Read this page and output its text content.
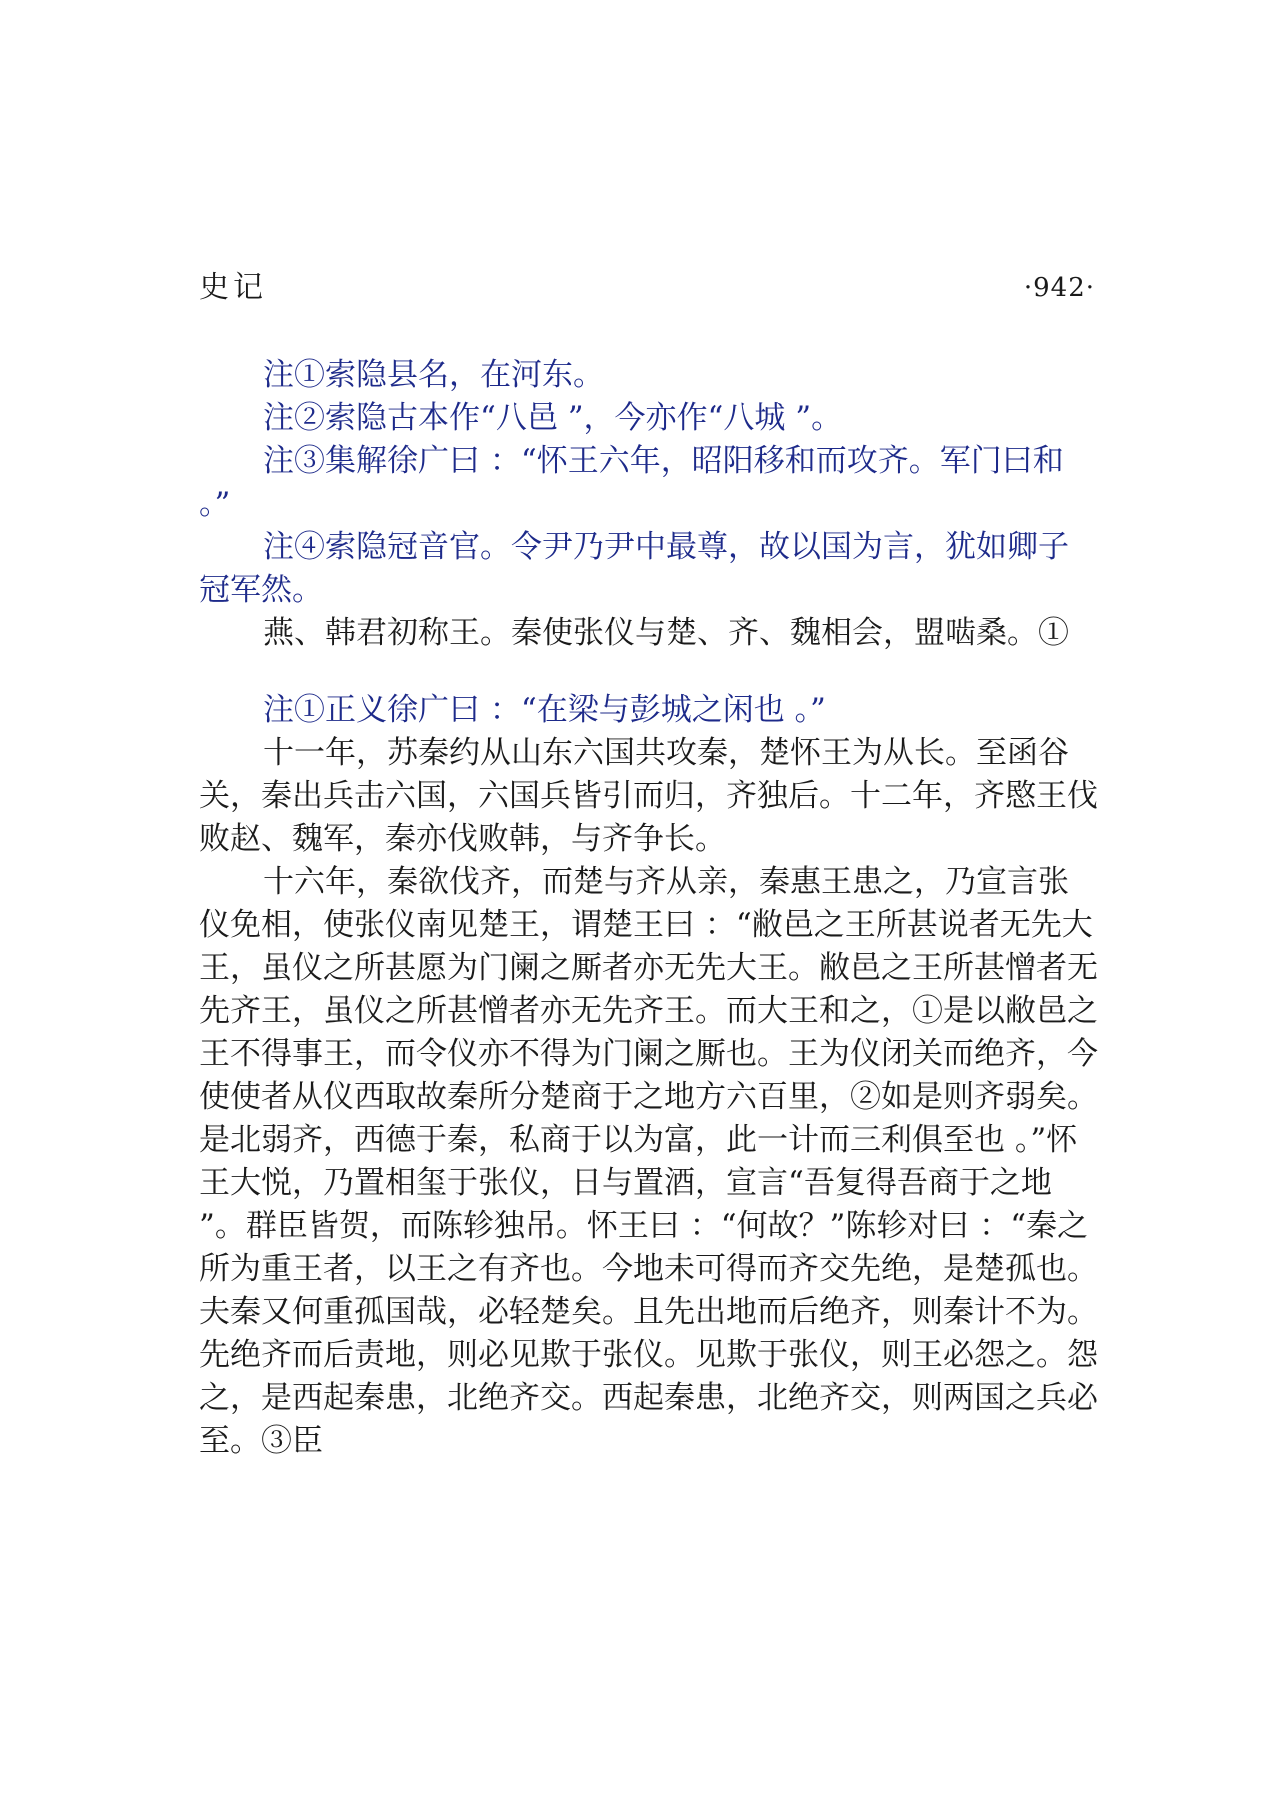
史记	·942·

注①索隐县名，在河东。

注②索隐古本作“八邑 ”，今亦作“八城 ”。

注③集解徐广曰 ：“怀王六年，昭阳移和而攻齐。军门曰和 。”

注④索隐冠音官。令尹乃尹中最尊，故以国为言，犹如卿子冠军然。

燕、韩君初称王。秦使张仪与楚、齐、魏相会，盟啮桑。①

注①正义徐广曰 ：“在梁与彭城之闲也 。”

十一年，苏秦约从山东六国共攻秦，楚怀王为从长。至函谷关，秦出兵击六国，六国兵皆引而归，齐独后。十二年，齐愍王伐败赵、魏军，秦亦伐败韩，与齐争长。

十六年，秦欲伐齐，而楚与齐从亲，秦惠王患之，乃宣言张仪免相，使张仪南见楚王，谓楚王曰 ：“敝邑之王所甚说者无先大王，虽仪之所甚愿为门阑之厮者亦无先大王。敝邑之王所甚憎者无先齐王，虽仪之所甚憎者亦无先齐王。而大王和之，①是以敝邑之王不得事王，而令仪亦不得为门阑之厮也。王为仪闭关而绝齐，今使使者从仪西取故秦所分楚商于之地方六百里，②如是则齐弱矣。是北弱齐，西德于秦，私商于以为富，此一计而三利俱至也 。”怀王大悦，乃置相玺于张仪，日与置酒，宣言“吾复得吾商于之地 ”。群臣皆贺，而陈轸独吊。怀王曰 ：“何故？”陈轸对曰 ：“秦之所为重王者，以王之有齐也。今地未可得而齐交先绝，是楚孤也。夫秦又何重孤国哉，必轻楚矣。且先出地而后绝齐，则秦计不为。先绝齐而后责地，则必见欺于张仪。见欺于张仪，则王必怨之。怨之，是西起秦患，北绝齐交。西起秦患，北绝齐交，则两国之兵必至。③臣
